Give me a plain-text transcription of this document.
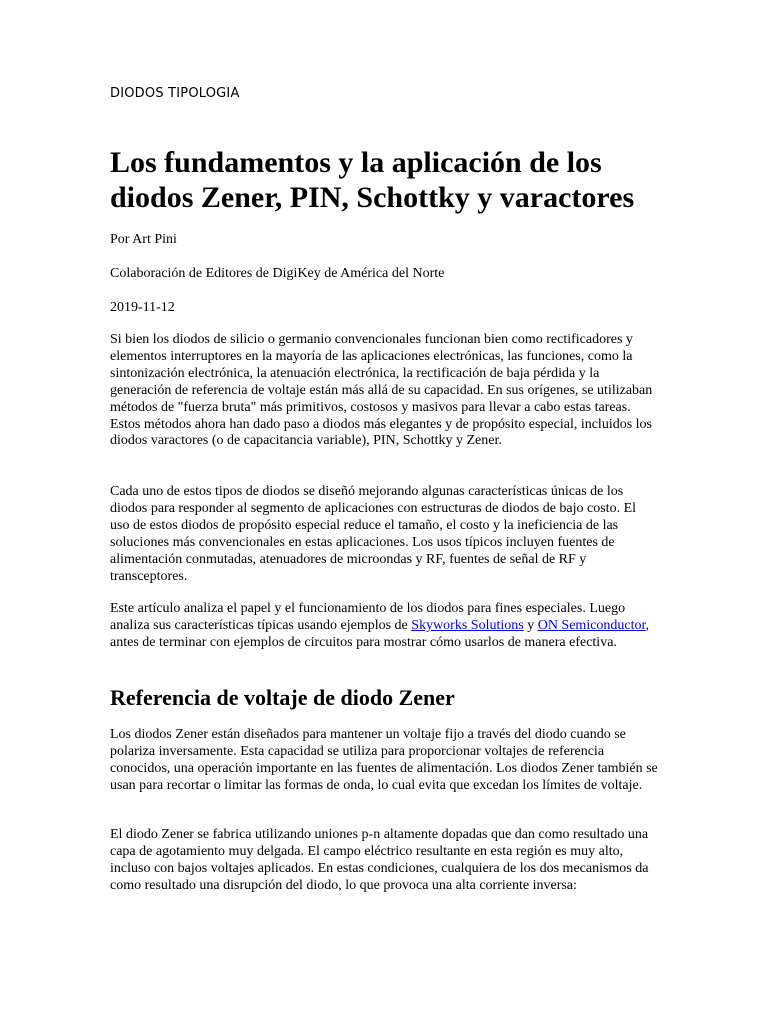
DIODOS TIPOLOGIA
Los fundamentos y la aplicación de los diodos Zener, PIN, Schottky y varactores
Por Art Pini
Colaboración de Editores de DigiKey de América del Norte
2019-11-12

Si bien los diodos de silicio o germanio convencionales funcionan bien como rectificadores y elementos interruptores en la mayoría de las aplicaciones electrónicas, las funciones, como la sintonización electrónica, la atenuación electrónica, la rectificación de baja pérdida y la generación de referencia de voltaje están más allá de su capacidad. En sus orígenes, se utilizaban métodos de "fuerza bruta" más primitivos, costosos y masivos para llevar a cabo estas tareas. Estos métodos ahora han dado paso a diodos más elegantes y de propósito especial, incluidos los diodos varactores (o de capacitancia variable), PIN, Schottky y Zener.

Cada uno de estos tipos de diodos se diseñó mejorando algunas características únicas de los diodos para responder al segmento de aplicaciones con estructuras de diodos de bajo costo. El uso de estos diodos de propósito especial reduce el tamaño, el costo y la ineficiencia de las soluciones más convencionales en estas aplicaciones. Los usos típicos incluyen fuentes de alimentación conmutadas, atenuadores de microondas y RF, fuentes de señal de RF y transceptores.

Este artículo analiza el papel y el funcionamiento de los diodos para fines especiales. Luego analiza sus características típicas usando ejemplos de Skyworks Solutions y ON Semiconductor, antes de terminar con ejemplos de circuitos para mostrar cómo usarlos de manera efectiva.

Referencia de voltaje de diodo Zener

Los diodos Zener están diseñados para mantener un voltaje fijo a través del diodo cuando se polariza inversamente. Esta capacidad se utiliza para proporcionar voltajes de referencia conocidos, una operación importante en las fuentes de alimentación. Los diodos Zener también se usan para recortar o limitar las formas de onda, lo cual evita que excedan los límites de voltaje.

El diodo Zener se fabrica utilizando uniones p-n altamente dopadas que dan como resultado una capa de agotamiento muy delgada. El campo eléctrico resultante en esta región es muy alto, incluso con bajos voltajes aplicados. En estas condiciones, cualquiera de los dos mecanismos da como resultado una disrupción del diodo, lo que provoca una alta corriente inversa:
